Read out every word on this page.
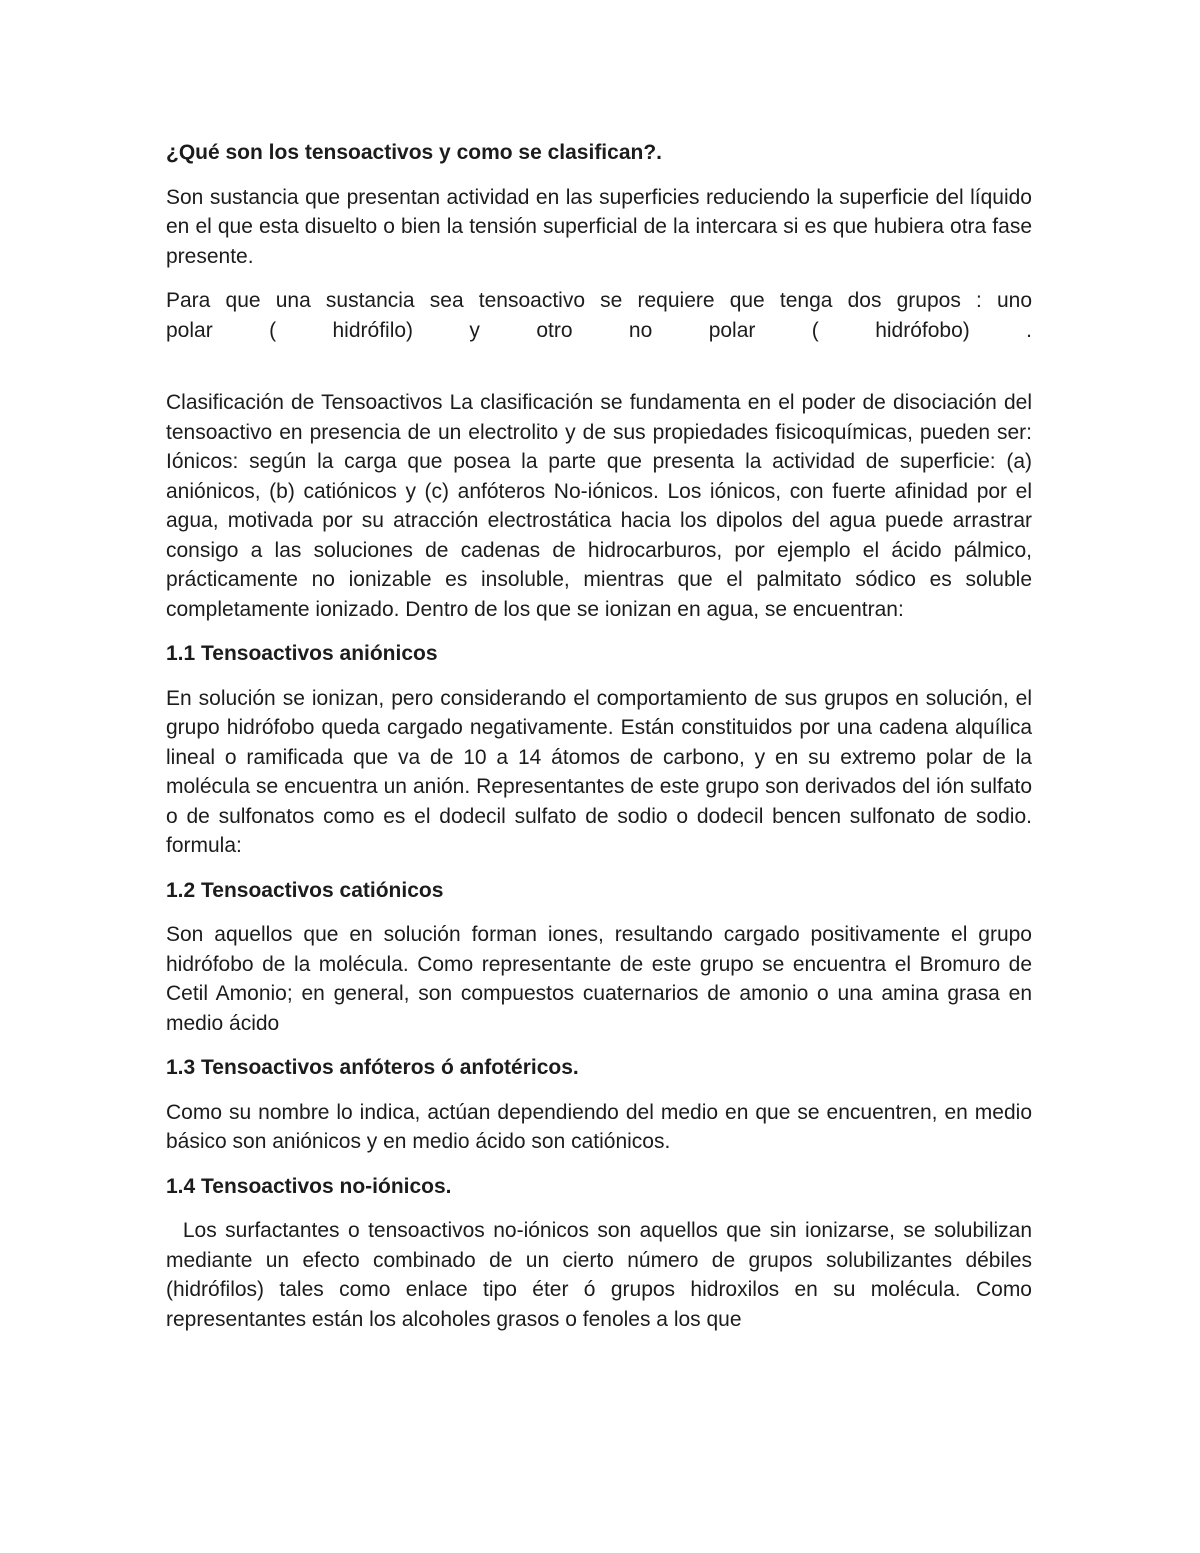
¿Qué son los tensoactivos y como se clasifican?.

Son sustancia que presentan actividad en las superficies reduciendo la superficie del líquido en el que esta disuelto o bien la tensión superficial de la intercara si es que hubiera otra fase presente.

Para que una sustancia sea tensoactivo se requiere que tenga dos grupos : uno

polar ( hidrófilo) y otro no polar ( hidrófobo) .

Clasificación de Tensoactivos La clasificación se fundamenta en el poder de disociación del tensoactivo en presencia de un electrolito y de sus propiedades fisicoquímicas, pueden ser: Iónicos: según la carga que posea la parte que presenta la actividad de superficie: (a) aniónicos, (b) catiónicos y (c) anfóteros No-iónicos. Los iónicos, con fuerte afinidad por el agua, motivada por su atracción electrostática hacia los dipolos del agua puede arrastrar consigo a las soluciones de cadenas de hidrocarburos, por ejemplo el ácido pálmico, prácticamente no ionizable es insoluble, mientras que el palmitato sódico es soluble completamente ionizado. Dentro de los que se ionizan en agua, se encuentran:

1.1 Tensoactivos aniónicos

En solución se ionizan, pero considerando el comportamiento de sus grupos en solución, el grupo hidrófobo queda cargado negativamente. Están constituidos por una cadena alquílica lineal o ramificada que va de 10 a 14 átomos de carbono, y en su extremo polar de la molécula se encuentra un anión. Representantes de este grupo son derivados del ión sulfato o de sulfonatos como es el dodecil sulfato de sodio o dodecil bencen sulfonato de sodio. formula:

1.2 Tensoactivos catiónicos

Son aquellos que en solución forman iones, resultando cargado positivamente el grupo hidrófobo de la molécula. Como representante de este grupo se encuentra el Bromuro de Cetil Amonio; en general, son compuestos cuaternarios de amonio o una amina grasa en medio ácido

1.3 Tensoactivos anfóteros ó anfotéricos.

Como su nombre lo indica, actúan dependiendo del medio en que se encuentren, en medio básico son aniónicos y en medio ácido son catiónicos.

1.4 Tensoactivos no-iónicos.

Los surfactantes o tensoactivos no-iónicos son aquellos que sin ionizarse, se solubilizan mediante un efecto combinado de un cierto número de grupos solubilizantes débiles (hidrófilos) tales como enlace tipo éter ó grupos hidroxilos en su molécula. Como representantes están los alcoholes grasos o fenoles a los que
